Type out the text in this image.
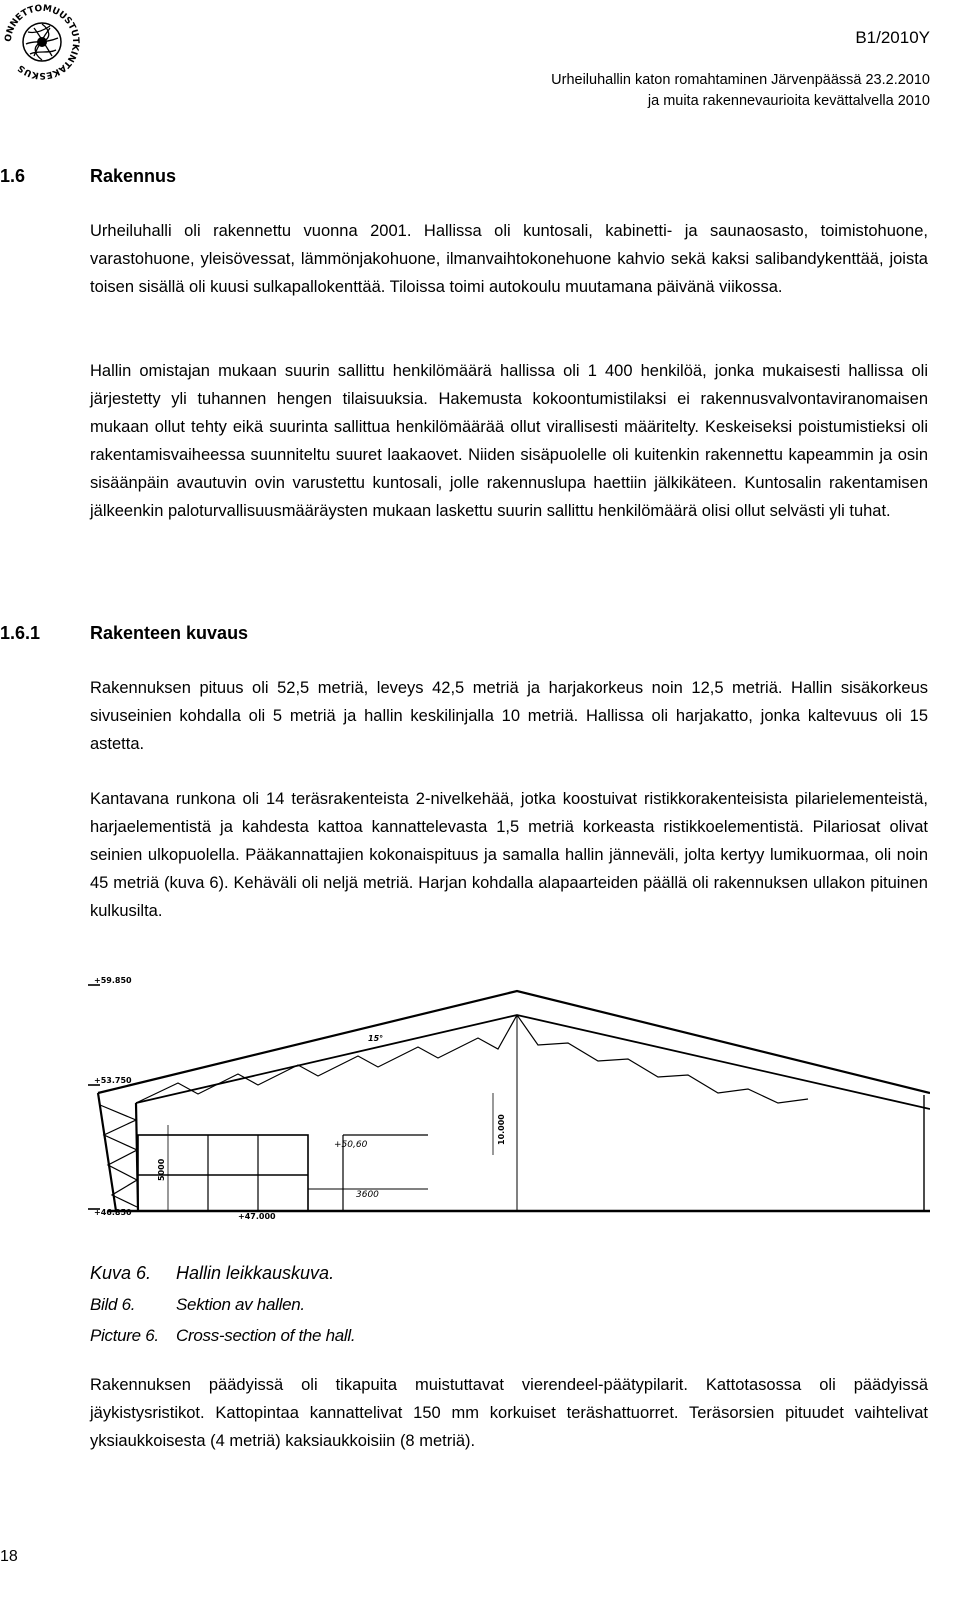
ONNETTOMUUSTUTKINTAKESKUS
B1/2010Y
Urheiluhallin katon romahtaminen Järvenpäässä 23.2.2010
ja muita rakennevaurioita kevättalvella 2010
1.6	Rakennus
Urheiluhalli oli rakennettu vuonna 2001. Hallissa oli kuntosali, kabinetti- ja saunaosasto, toimistohuone, varastohuone, yleisövessat, lämmönjakohuone, ilmanvaihtokonehuone kahvio sekä kaksi salibandykenttää, joista toisen sisällä oli kuusi sulkapallokenttää. Tiloissa toimi autokoulu muutamana päivänä viikossa.
Hallin omistajan mukaan suurin sallittu henkilömäärä hallissa oli 1 400 henkilöä, jonka mukaisesti hallissa oli järjestetty yli tuhannen hengen tilaisuuksia. Hakemusta kokoontumistilaksi ei rakennusvalvontaviranomaisen mukaan ollut tehty eikä suurinta sallittua henkilömäärää ollut virallisesti määritelty. Keskeiseksi poistumistieksi oli rakentamisvaiheessa suunniteltu suuret laakaovet. Niiden sisäpuolelle oli kuitenkin rakennettu kapeammin ja osin sisäänpäin avautuvin ovin varustettu kuntosali, jolle rakennuslupa haettiin jälkikäteen. Kuntosalin rakentamisen jälkeenkin paloturvallisuusmääräysten mukaan laskettu suurin sallittu henkilömäärä olisi ollut selvästi yli tuhat.
1.6.1	Rakenteen kuvaus
Rakennuksen pituus oli 52,5 metriä, leveys 42,5 metriä ja harjakorkeus noin 12,5 metriä. Hallin sisäkorkeus sivuseinien kohdalla oli 5 metriä ja hallin keskilinjalla 10 metriä. Hallissa oli harjakatto, jonka kaltevuus oli 15 astetta.
Kantavana runkona oli 14 teräsrakenteista 2-nivelkehää, jotka koostuivat ristikkorakenteisista pilarielementeistä, harjaelementistä ja kahdesta kattoa kannattelevasta 1,5 metriä korkeasta ristikkoelementistä. Pilariosat olivat seinien ulkopuolella. Pääkannattajien kokonaispituus ja samalla hallin jänneväli, jolta kertyy lumikuormaa, oli noin 45 metriä (kuva 6). Kehäväli oli neljä metriä. Harjan kohdalla alapaarteiden päällä oli rakennuksen ullakon pituinen kulkusilta.
+59.850
+53.750
+46.850	+47.000
15°
+50,60
3600
10.000
5000
Kuva 6.	Hallin leikkauskuva.
Bild 6.	Sektion av hallen.
Picture 6.	Cross-section of the hall.
Rakennuksen päädyissä oli tikapuita muistuttavat vierendeel-päätypilarit. Kattotasossa oli päädyissä jäykistysristikot. Kattopintaa kannattelivat 150 mm korkuiset teräshattuorret. Teräsorsien pituudet vaihtelivat yksiaukkoisesta (4 metriä) kaksiaukkoisiin (8 metriä).
18
